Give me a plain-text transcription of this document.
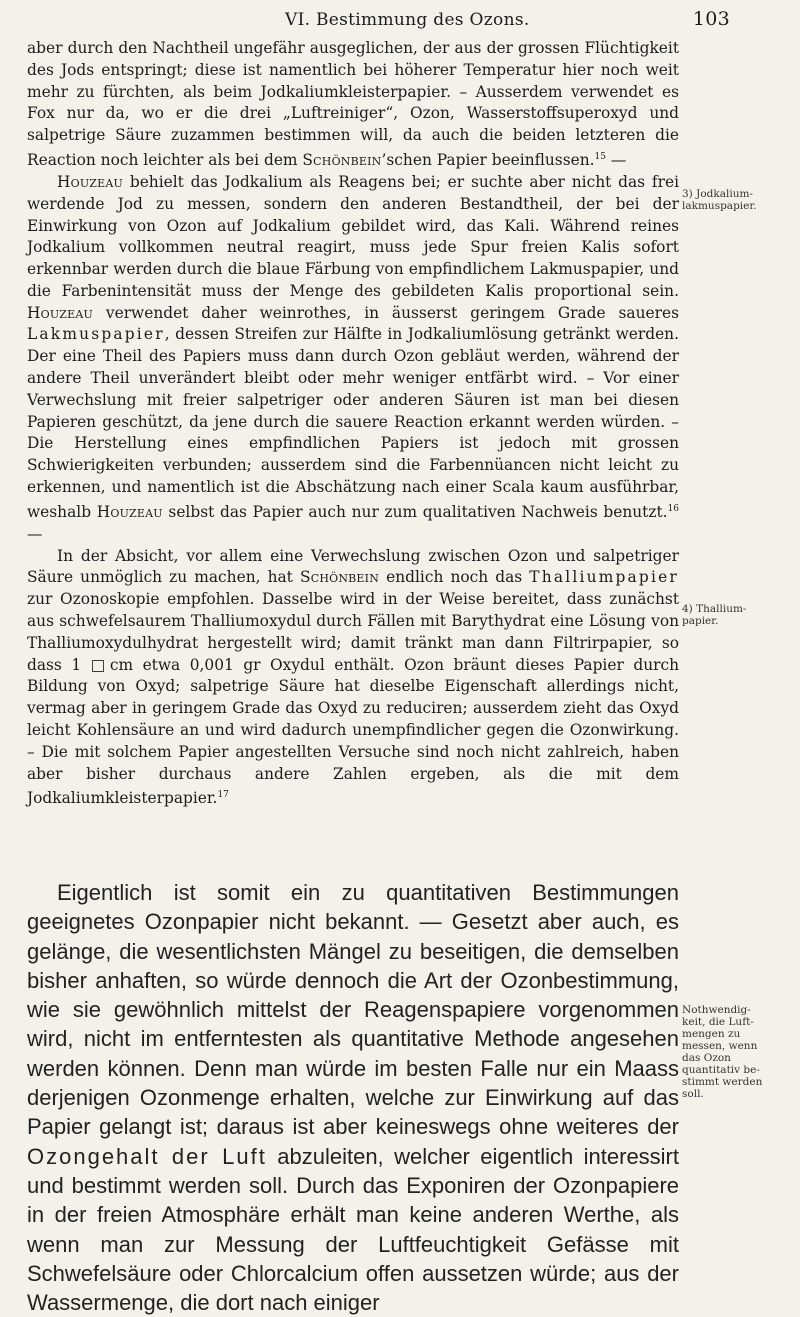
VI. Bestimmung des Ozons.	103

aber durch den Nachtheil ungefähr ausgeglichen, der aus der grossen Flüchtigkeit des Jods entspringt; diese ist namentlich bei höherer Temperatur hier noch weit mehr zu fürchten, als beim Jodkaliumkleisterpapier. – Ausserdem verwendet es Fox nur da, wo er die drei „Luftreiniger“, Ozon, Wasserstoffsuperoxyd und salpetrige Säure zuzammen bestimmen will, da auch die beiden letzteren die Reaction noch leichter als bei dem Schönbein’schen Papier beeinflussen.$^{15}$ —

Houzeau behielt das Jodkalium als Reagens bei; er suchte aber nicht das frei werdende Jod zu messen, sondern den anderen Bestandtheil, der bei der Einwirkung von Ozon auf Jodkalium gebildet wird, das Kali. Während reines Jodkalium vollkommen neutral reagirt, muss jede Spur freien Kalis sofort erkennbar werden durch die blaue Färbung von empfindlichem Lakmuspapier, und die Farbenintensität muss der Menge des gebildeten Kalis proportional sein. Houzeau verwendet daher weinrothes, in äusserst geringem Grade saueres Lakmuspapier, dessen Streifen zur Hälfte in Jodkaliumlösung getränkt werden. Der eine Theil des Papiers muss dann durch Ozon gebläut werden, während der andere Theil unverändert bleibt oder mehr weniger entfärbt wird. – Vor einer Verwechslung mit freier salpetriger oder anderen Säuren ist man bei diesen Papieren geschützt, da jene durch die sauere Reaction erkannt werden würden. – Die Herstellung eines empfindlichen Papiers ist jedoch mit grossen Schwierigkeiten verbunden; ausserdem sind die Farbennüancen nicht leicht zu erkennen, und namentlich ist die Abschätzung nach einer Scala kaum ausführbar, weshalb Houzeau selbst das Papier auch nur zum qualitativen Nachweis benutzt.$^{16}$ —

In der Absicht, vor allem eine Verwechslung zwischen Ozon und salpetriger Säure unmöglich zu machen, hat Schönbein endlich noch das Thalliumpapier zur Ozonoskopie empfohlen. Dasselbe wird in der Weise bereitet, dass zunächst aus schwefelsaurem Thalliumoxydul durch Fällen mit Barythydrat eine Lösung von Thalliumoxydulhydrat hergestellt wird; damit tränkt man dann Filtrirpapier, so dass 1 □cm etwa 0,001 gr Oxydul enthält. Ozon bräunt dieses Papier durch Bildung von Oxyd; salpetrige Säure hat dieselbe Eigenschaft allerdings nicht, vermag aber in geringem Grade das Oxyd zu reduciren; ausserdem zieht das Oxyd leicht Kohlensäure an und wird dadurch unempfindlicher gegen die Ozonwirkung. – Die mit solchem Papier angestellten Versuche sind noch nicht zahlreich, haben aber bisher durchaus andere Zahlen ergeben, als die mit dem Jodkaliumkleisterpapier.$^{17}$

Eigentlich ist somit ein zu quantitativen Bestimmungen geeignetes Ozonpapier nicht bekannt. — Gesetzt aber auch, es gelänge, die wesentlichsten Mängel zu beseitigen, die demselben bisher anhaften, so würde dennoch die Art der Ozonbestimmung, wie sie gewöhnlich mittelst der Reagenspapiere vorgenommen wird, nicht im entferntesten als quantitative Methode angesehen werden können. Denn man würde im besten Falle nur ein Maass derjenigen Ozonmenge erhalten, welche zur Einwirkung auf das Papier gelangt ist; daraus ist aber keineswegs ohne weiteres der Ozongehalt der Luft abzuleiten, welcher eigentlich interessirt und bestimmt werden soll. Durch das Exponiren der Ozonpapiere in der freien Atmosphäre erhält man keine anderen Werthe, als wenn man zur Messung der Luftfeuchtigkeit Gefässe mit Schwefelsäure oder Chlorcalcium offen aussetzen würde; aus der Wassermenge, die dort nach einiger

3) Jodkalium-
lakmuspapier.
4) Thallium-
papier.
Nothwendig-
keit, die Luft-
mengen zu
messen, wenn
das Ozon
quantitativ be-
stimmt werden
soll.
